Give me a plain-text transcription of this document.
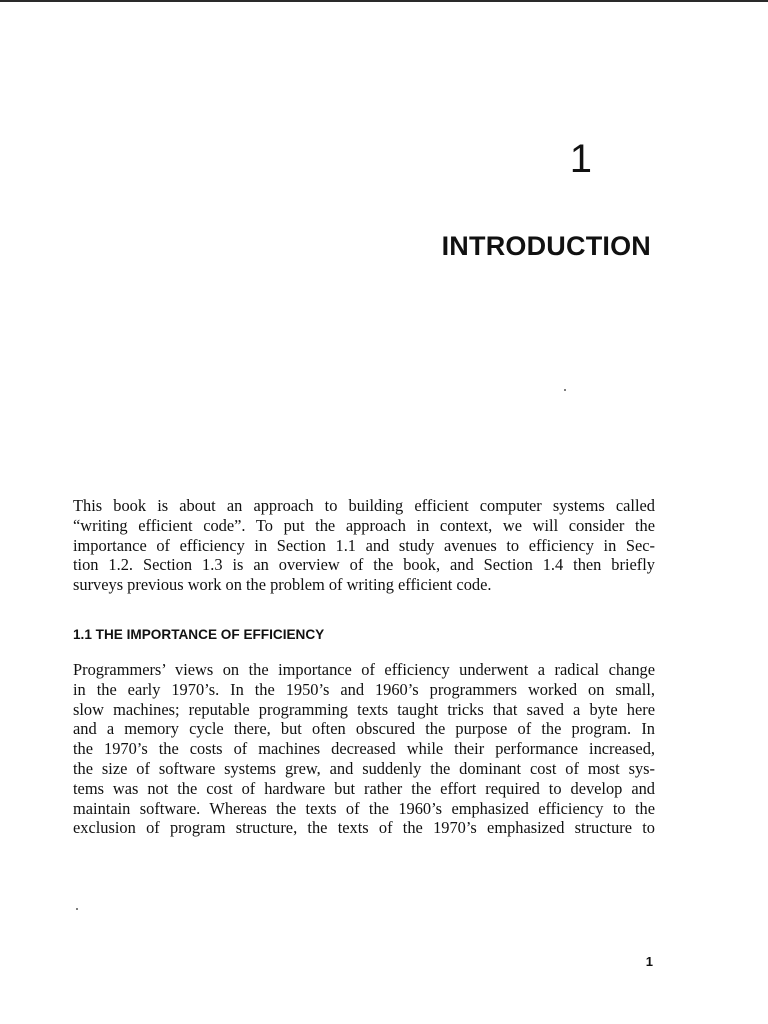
1
INTRODUCTION

This book is about an approach to building efficient computer systems called
“writing efficient code”. To put the approach in context, we will consider the
importance of efficiency in Section 1.1 and study avenues to efficiency in Sec-
tion 1.2. Section 1.3 is an overview of the book, and Section 1.4 then briefly
surveys previous work on the problem of writing efficient code.

1.1 THE IMPORTANCE OF EFFICIENCY

Programmers’ views on the importance of efficiency underwent a radical change
in the early 1970’s. In the 1950’s and 1960’s programmers worked on small,
slow machines; reputable programming texts taught tricks that saved a byte here
and a memory cycle there, but often obscured the purpose of the program. In
the 1970’s the costs of machines decreased while their performance increased,
the size of software systems grew, and suddenly the dominant cost of most sys-
tems was not the cost of hardware but rather the effort required to develop and
maintain software. Whereas the texts of the 1960’s emphasized efficiency to the
exclusion of program structure, the texts of the 1970’s emphasized structure to

1
